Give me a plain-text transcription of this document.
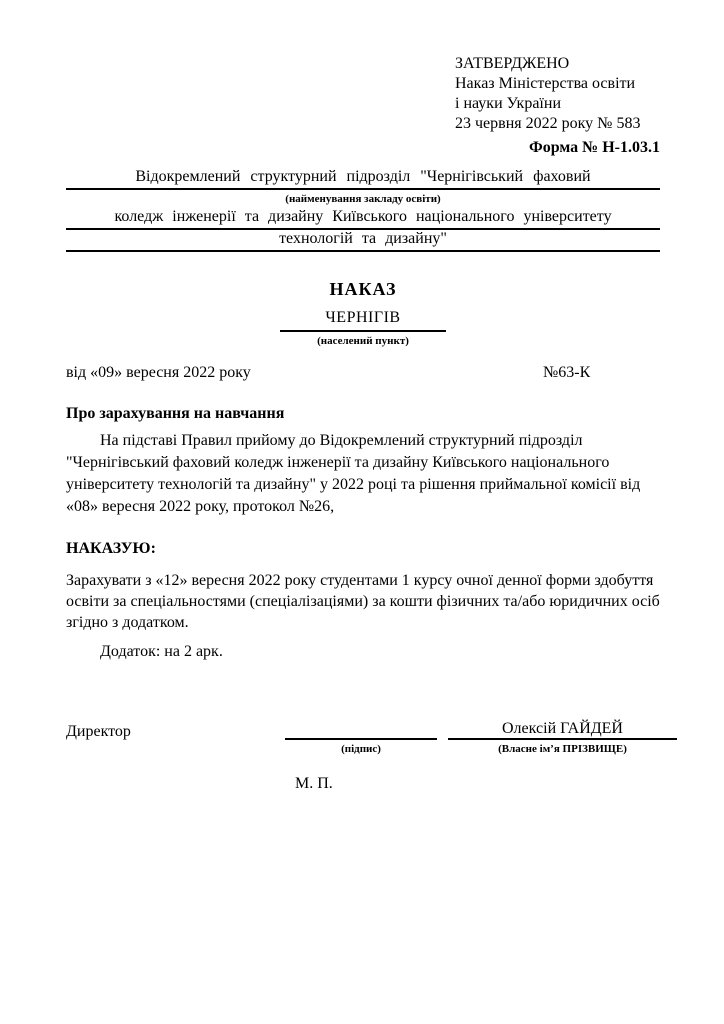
ЗАТВЕРДЖЕНО
Наказ Міністерства освіти
і науки України
23 червня 2022 року № 583
Форма № Н-1.03.1
Відокремлений структурний підрозділ "Чернігівський фаховий
(найменування закладу освіти)
коледж інженерії та дизайну Київського національного університету
технологій та дизайну"
НАКАЗ
ЧЕРНІГІВ
(населений пункт)
від «09» вересня 2022 року	№63-К
Про зарахування на навчання
На підставі Правил прийому до Відокремлений структурний підрозділ "Чернігівський фаховий коледж інженерії та дизайну Київського національного університету технологій та дизайну" у 2022 році та рішення приймальної комісії від «08» вересня 2022 року, протокол №26,
НАКАЗУЮ:
Зарахувати з «12» вересня 2022 року студентами 1 курсу очної денної форми здобуття освіти за спеціальностями (спеціалізаціями) за кошти фізичних та/або юридичних осіб згідно з додатком.
Додаток: на 2 арк.
Директор
(підпис)
Олексій ГАЙДЕЙ
(Власне ім’я ПРІЗВИЩЕ)
М. П.
